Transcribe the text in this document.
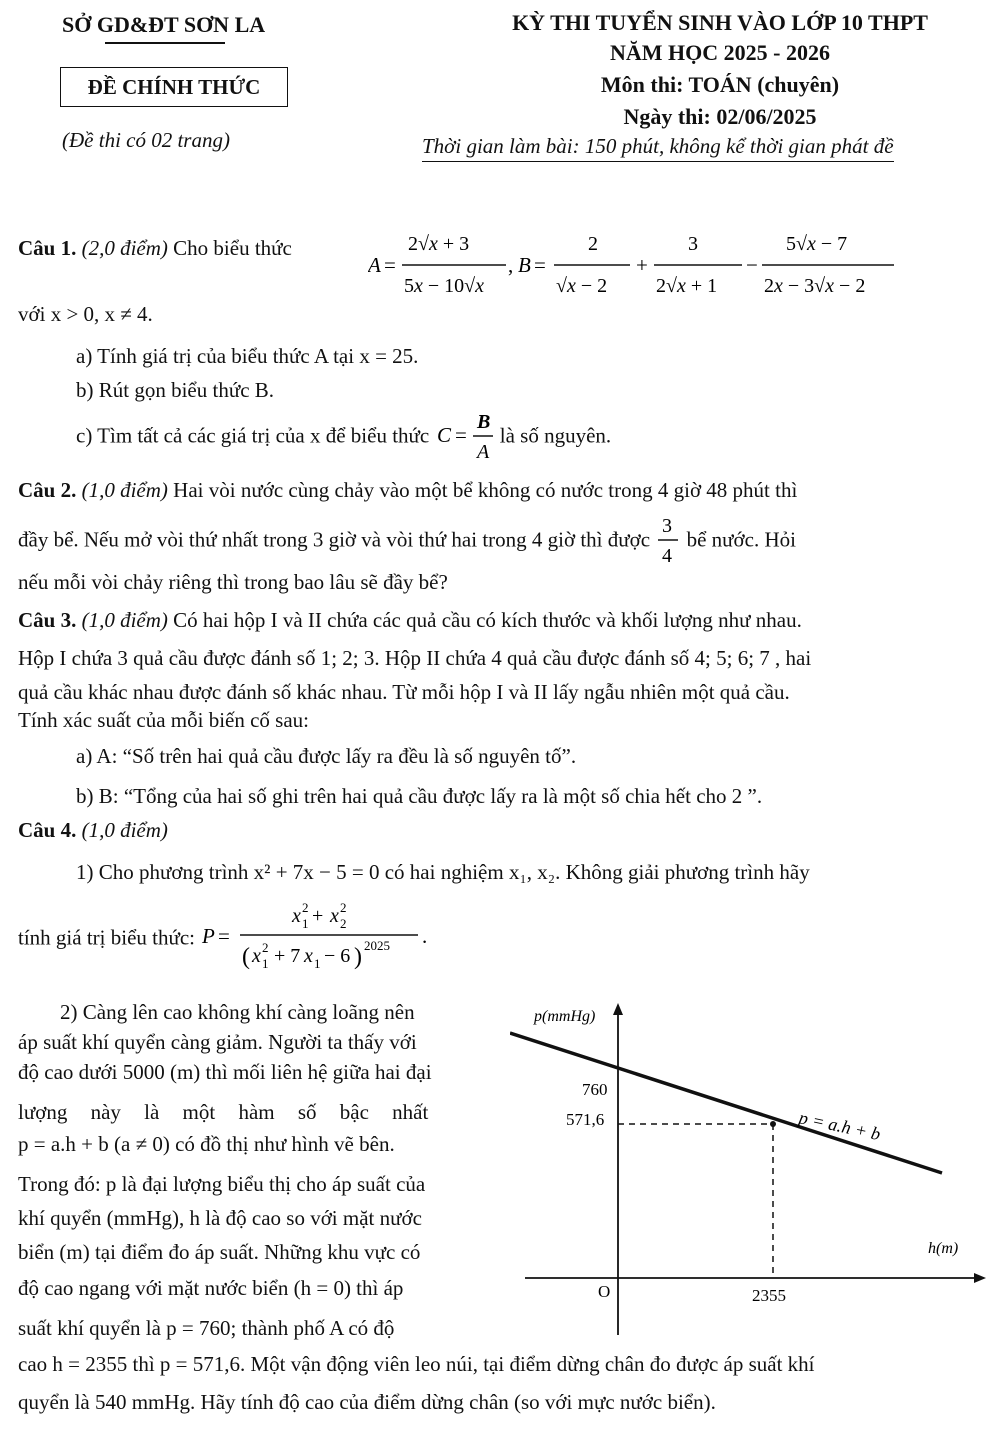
SỞ GD&ĐT SƠN LA
ĐỀ CHÍNH THỨC
(Đề thi có 02 trang)
KỲ THI TUYỂN SINH VÀO LỚP 10 THPT
NĂM HỌC 2025 - 2026
Môn thi: TOÁN (chuyên)
Ngày thi: 02/06/2025
Thời gian làm bài: 150 phút, không kể thời gian phát đề
Câu 1. (2,0 điểm) Cho biểu thức
A =
2√x + 3
5x − 10√x
, B =
2
√x − 2
+
3
2√x + 1
−
5√x − 7
2x − 3√x − 2
với x > 0, x ≠ 4.
a) Tính giá trị của biểu thức A tại x = 25.
b) Rút gọn biểu thức B.
c) Tìm tất cả các giá trị của x để biểu thức C =
B
A
là số nguyên.
Câu 2. (1,0 điểm) Hai vòi nước cùng chảy vào một bể không có nước trong 4 giờ 48 phút thì
đầy bể. Nếu mở vòi thứ nhất trong 3 giờ và vòi thứ hai trong 4 giờ thì được
3
4
bể nước. Hỏi
nếu mỗi vòi chảy riêng thì trong bao lâu sẽ đầy bể?
Câu 3. (1,0 điểm) Có hai hộp I và II chứa các quả cầu có kích thước và khối lượng như nhau.
Hộp I chứa 3 quả cầu được đánh số 1; 2; 3. Hộp II chứa 4 quả cầu được đánh số 4; 5; 6; 7 , hai
quả cầu khác nhau được đánh số khác nhau. Từ mỗi hộp I và II lấy ngẫu nhiên một quả cầu.
Tính xác suất của mỗi biến cố sau:
a) A: “Số trên hai quả cầu được lấy ra đều là số nguyên tố”.
b) B: “Tổng của hai số ghi trên hai quả cầu được lấy ra là một số chia hết cho 2 ”.
Câu 4. (1,0 điểm)
1) Cho phương trình x² + 7x − 5 = 0 có hai nghiệm x₁, x₂. Không giải phương trình hãy
tính giá trị biểu thức: P =
x 2
1 + x 2
2
( x 2
1 + 7 x 1 − 6 ) 2025 .
2) Càng lên cao không khí càng loãng nên
áp suất khí quyển càng giảm. Người ta thấy với
độ cao dưới 5000 (m) thì mối liên hệ giữa hai đại
lượng này là một hàm số bậc nhất
p = a.h + b (a ≠ 0) có đồ thị như hình vẽ bên.
Trong đó: p là đại lượng biểu thị cho áp suất của
khí quyển (mmHg), h là độ cao so với mặt nước
biển (m) tại điểm đo áp suất. Những khu vực có
độ cao ngang với mặt nước biển (h = 0) thì áp
suất khí quyển là p = 760; thành phố A có độ
cao h = 2355 thì p = 571,6. Một vận động viên leo núi, tại điểm dừng chân đo được áp suất khí
quyển là 540 mmHg. Hãy tính độ cao của điểm dừng chân (so với mực nước biển).
p(mmHg)
h(m)
O
760
571,6
2355
p = a.h + b
